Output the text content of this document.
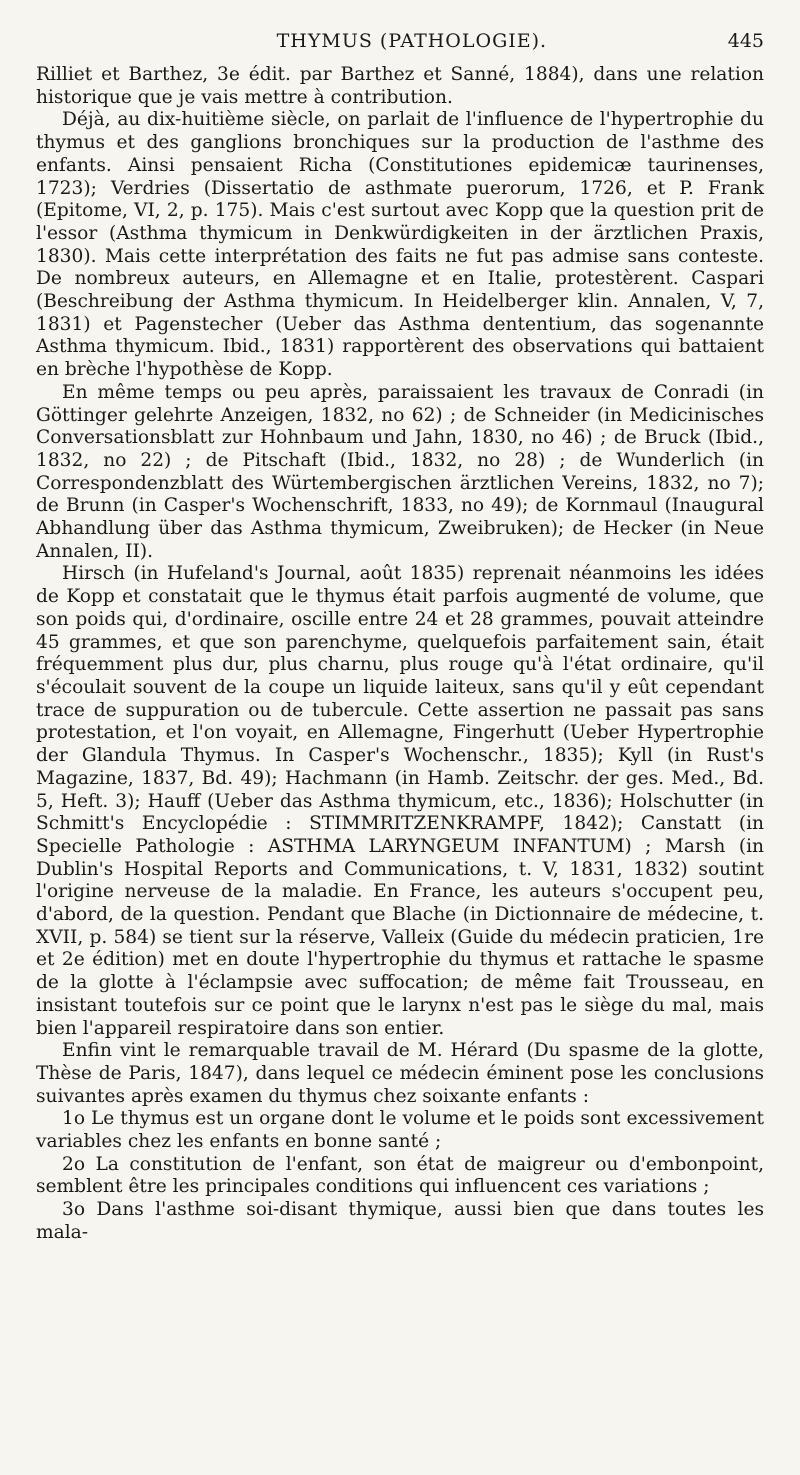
THYMUS (PATHOLOGIE).	445

Rilliet et Barthez, 3e édit. par Barthez et Sanné, 1884), dans une relation historique que je vais mettre à contribution.

Déjà, au dix-huitième siècle, on parlait de l'influence de l'hypertrophie du thymus et des ganglions bronchiques sur la production de l'asthme des enfants. Ainsi pensaient Richa (Constitutiones epidemicæ taurinenses, 1723); Verdries (Dissertatio de asthmate puerorum, 1726, et P. Frank (Epitome, VI, 2, p. 175). Mais c'est surtout avec Kopp que la question prit de l'essor (Asthma thymicum in Denkwürdigkeiten in der ärztlichen Praxis, 1830). Mais cette interprétation des faits ne fut pas admise sans conteste. De nombreux auteurs, en Allemagne et en Italie, protestèrent. Caspari (Beschreibung der Asthma thymicum. In Heidelberger klin. Annalen, V, 7, 1831) et Pagenstecher (Ueber das Asthma dententium, das sogenannte Asthma thymicum. Ibid., 1831) rapportèrent des observations qui battaient en brèche l'hypothèse de Kopp.

En même temps ou peu après, paraissaient les travaux de Conradi (in Göttinger gelehrte Anzeigen, 1832, no 62) ; de Schneider (in Medicinisches Conversationsblatt zur Hohnbaum und Jahn, 1830, no 46) ; de Bruck (Ibid., 1832, no 22) ; de Pitschaft (Ibid., 1832, no 28) ; de Wunderlich (in Correspondenzblatt des Würtembergischen ärztlichen Vereins, 1832, no 7); de Brunn (in Casper's Wochenschrift, 1833, no 49); de Kornmaul (Inaugural Abhandlung über das Asthma thymicum, Zweibruken); de Hecker (in Neue Annalen, II).

Hirsch (in Hufeland's Journal, août 1835) reprenait néanmoins les idées de Kopp et constatait que le thymus était parfois augmenté de volume, que son poids qui, d'ordinaire, oscille entre 24 et 28 grammes, pouvait atteindre 45 grammes, et que son parenchyme, quelquefois parfaitement sain, était fréquemment plus dur, plus charnu, plus rouge qu'à l'état ordinaire, qu'il s'écoulait souvent de la coupe un liquide laiteux, sans qu'il y eût cependant trace de suppuration ou de tubercule. Cette assertion ne passait pas sans protestation, et l'on voyait, en Allemagne, Fingerhutt (Ueber Hypertrophie der Glandula Thymus. In Casper's Wochenschr., 1835); Kyll (in Rust's Magazine, 1837, Bd. 49); Hachmann (in Hamb. Zeitschr. der ges. Med., Bd. 5, Heft. 3); Hauff (Ueber das Asthma thymicum, etc., 1836); Holschutter (in Schmitt's Encyclopédie : STIMMRITZENKRAMPF, 1842); Canstatt (in Specielle Pathologie : ASTHMA LARYNGEUM INFANTUM) ; Marsh (in Dublin's Hospital Reports and Communications, t. V, 1831, 1832) soutint l'origine nerveuse de la maladie. En France, les auteurs s'occupent peu, d'abord, de la question. Pendant que Blache (in Dictionnaire de médecine, t. XVII, p. 584) se tient sur la réserve, Valleix (Guide du médecin praticien, 1re et 2e édition) met en doute l'hypertrophie du thymus et rattache le spasme de la glotte à l'éclampsie avec suffocation; de même fait Trousseau, en insistant toutefois sur ce point que le larynx n'est pas le siège du mal, mais bien l'appareil respiratoire dans son entier.

Enfin vint le remarquable travail de M. Hérard (Du spasme de la glotte, Thèse de Paris, 1847), dans lequel ce médecin éminent pose les conclusions suivantes après examen du thymus chez soixante enfants :

1o Le thymus est un organe dont le volume et le poids sont excessivement variables chez les enfants en bonne santé ;

2o La constitution de l'enfant, son état de maigreur ou d'embonpoint, semblent être les principales conditions qui influencent ces variations ;

3o Dans l'asthme soi-disant thymique, aussi bien que dans toutes les mala-
